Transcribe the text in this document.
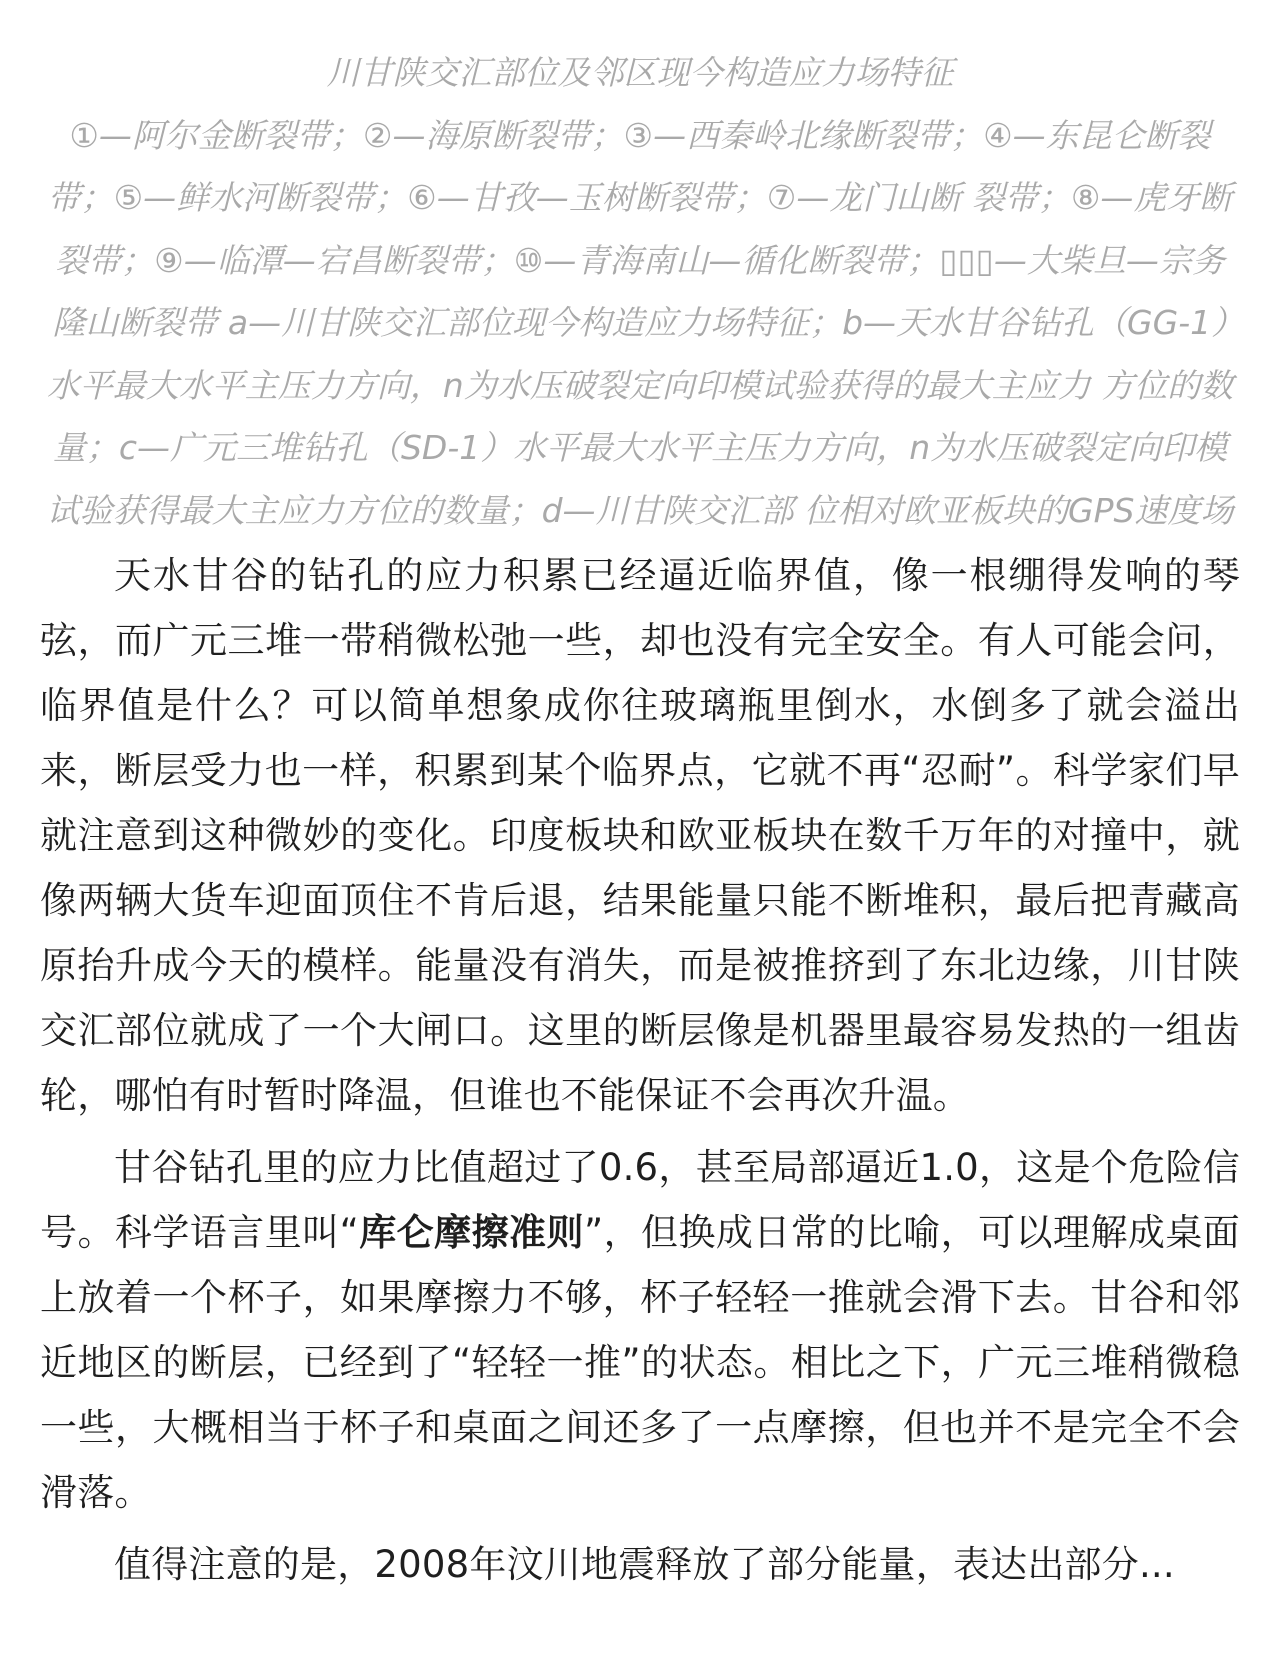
川甘陕交汇部位及邻区现今构造应力场特征
①—阿尔金断裂带；②—海原断裂带；③—西秦岭北缘断裂带；④—东昆仑断裂带；⑤—鲜水河断裂带；⑥—甘孜—玉树断裂带；⑦—龙门山断 裂带；⑧—虎牙断裂带；⑨—临潭—宕昌断裂带；⑩—青海南山—循化断裂带；▯▯▯—大柴旦—宗务隆山断裂带 a—川甘陕交汇部位现今构造应力场特征；b—天水甘谷钻孔（GG-1）水平最大水平主压力方向，n为水压破裂定向印模试验获得的最大主应力 方位的数量；c—广元三堆钻孔（SD-1）水平最大水平主压力方向，n为水压破裂定向印模试验获得最大主应力方位的数量；d—川甘陕交汇部 位相对欧亚板块的GPS速度场

天水甘谷的钻孔的应力积累已经逼近临界值，像一根绷得发响的琴弦，而广元三堆一带稍微松弛一些，却也没有完全安全。有人可能会问，临界值是什么？可以简单想象成你往玻璃瓶里倒水，水倒多了就会溢出来，断层受力也一样，积累到某个临界点，它就不再“忍耐”。科学家们早就注意到这种微妙的变化。印度板块和欧亚板块在数千万年的对撞中，就像两辆大货车迎面顶住不肯后退，结果能量只能不断堆积，最后把青藏高原抬升成今天的模样。能量没有消失，而是被推挤到了东北边缘，川甘陕交汇部位就成了一个大闸口。这里的断层像是机器里最容易发热的一组齿轮，哪怕有时暂时降温，但谁也不能保证不会再次升温。

甘谷钻孔里的应力比值超过了0.6，甚至局部逼近1.0，这是个危险信号。科学语言里叫“库仑摩擦准则”，但换成日常的比喻，可以理解成桌面上放着一个杯子，如果摩擦力不够，杯子轻轻一推就会滑下去。甘谷和邻近地区的断层，已经到了“轻轻一推”的状态。相比之下，广元三堆稍微稳一些，大概相当于杯子和桌面之间还多了一点摩擦，但也并不是完全不会滑落。

值得注意的是，2008年汶川地震释放了部分能量，表达出部分...
